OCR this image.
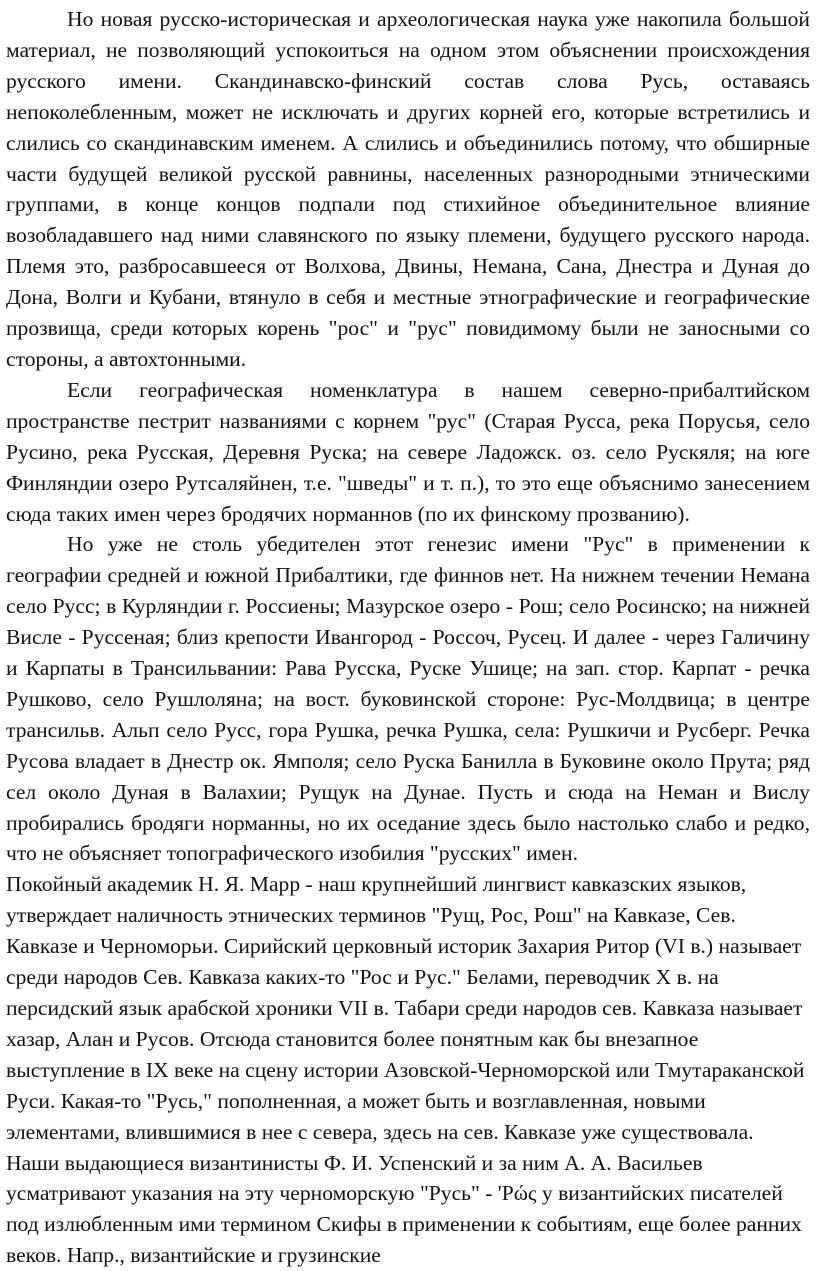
Но новая русско-историческая и археологическая наука уже накопила большой материал, не позволяющий успокоиться на одном этом объяснении происхождения русского имени. Скандинавско-финский состав слова Русь, оставаясь непоколебленным, может не исключать и других корней его, которые встретились и слились со скандинавским именем. А слились и объединились потому, что обширные части будущей великой русской равнины, населенных разнородными этническими группами, в конце концов подпали под стихийное объединительное влияние возобладавшего над ними славянского по языку племени, будущего русского народа. Племя это, разбросавшееся от Волхова, Двины, Немана, Сана, Днестра и Дуная до Дона, Волги и Кубани, втянуло в себя и местные этнографические и географические прозвища, среди которых корень "рос" и "рус" повидимому были не заносными со стороны, а автохтонными.

Если географическая номенклатура в нашем северно-прибалтийском пространстве пестрит названиями с корнем "рус" (Старая Русса, река Порусья, село Русино, река Русская, Деревня Руска; на севере Ладожск. оз. село Рускяля; на юге Финляндии озеро Рутсаляйнен, т.е. "шведы" и т. п.), то это еще объяснимо занесением сюда таких имен через бродячих норманнов (по их финскому прозванию).

Но уже не столь убедителен этот генезис имени "Рус" в применении к географии средней и южной Прибалтики, где финнов нет. На нижнем течении Немана село Русс; в Курляндии г. Россиены; Мазурское озеро - Рош; село Росинско; на нижней Висле - Руссеная; близ крепости Ивангород - Россоч, Русец. И далее - через Галичину и Карпаты в Трансильвании: Рава Русска, Руске Ушице; на зап. стор. Карпат - речка Рушково, село Рушлоляна; на вост. буковинской стороне: Рус-Молдвица; в центре трансильв. Альп село Русс, гора Рушка, речка Рушка, села: Рушкичи и Русберг. Речка Русова владает в Днестр ок. Ямполя; село Руска Банилла в Буковине около Прута; ряд сел около Дуная в Валахии; Рущук на Дунае. Пусть и сюда на Неман и Вислу пробирались бродяги норманны, но их оседание здесь было настолько слабо и редко, что не объясняет топографического изобилия "русских" имен.

Покойный академик Н. Я. Марр - наш крупнейший лингвист кавказских языков, утверждает наличность этнических терминов "Рущ, Рос, Рош" на Кавказе, Сев. Кавказе и Черноморьи. Сирийский церковный историк Захария Ритор (VI в.) называет среди народов Сев. Кавказа каких-то "Рос и Рус." Белами, переводчик X в. на персидский язык арабской хроники VII в. Табари среди народов сев. Кавказа называет хазар, Алан и Русов. Отсюда становится более понятным как бы внезапное выступление в IX веке на сцену истории Азовской-Черноморской или Тмутараканской Руси. Какая-то "Русь," пополненная, а может быть и возглавленная, новыми элементами, влившимися в нее с севера, здесь на сев. Кавказе уже существовала. Наши выдающиеся византинисты Ф. И. Успенский и за ним А. А. Васильев усматривают указания на эту черноморскую "Русь" - 'Ρώς у византийских писателей под излюбленным ими термином Скифы в применении к событиям, еще более ранних веков. Напр., византийские и грузинские
